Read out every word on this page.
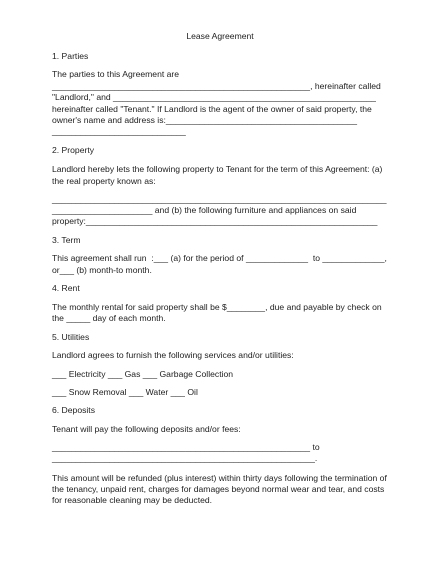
Lease Agreement
1. Parties
The parties to this Agreement are
______________________________________________________, hereinafter called
"Landlord," and _______________________________________________________
hereinafter called "Tenant." If Landlord is the agent of the owner of said property, the
owner's name and address is:________________________________________
____________________________
2. Property
Landlord hereby lets the following property to Tenant for the term of this Agreement: (a)
the real property known as:
______________________________________________________________________
_____________________ and (b) the following furniture and appliances on said
property:_____________________________________________________________
3. Term
This agreement shall run  :___ (a) for the period of _____________  to _____________,
or___ (b) month-to month.
4. Rent
The monthly rental for said property shall be $________, due and payable by check on
the _____ day of each month.
5. Utilities
Landlord agrees to furnish the following services and/or utilities:
___ Electricity ___ Gas ___ Garbage Collection
___ Snow Removal ___ Water ___ Oil
6. Deposits
Tenant will pay the following deposits and/or fees:
______________________________________________________ to
_______________________________________________________.
This amount will be refunded (plus interest) within thirty days following the termination of
the tenancy, unpaid rent, charges for damages beyond normal wear and tear, and costs
for reasonable cleaning may be deducted.
